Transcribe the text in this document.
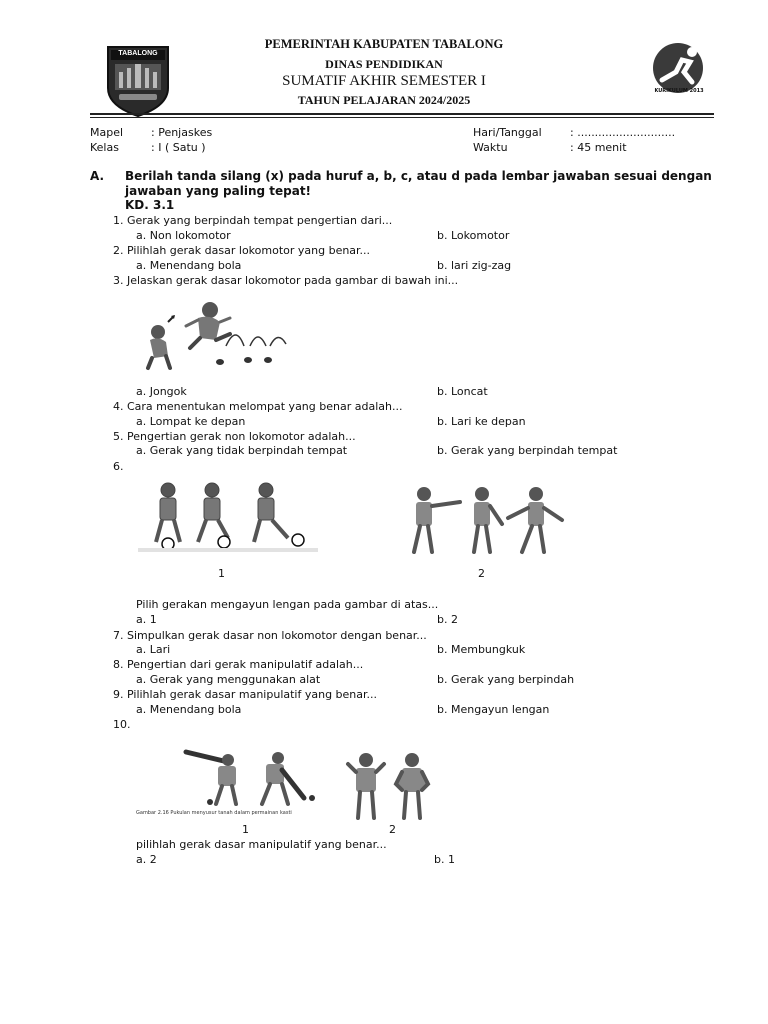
TABALONG
PEMERINTAH KABUPATEN TABALONG
DINAS PENDIDIKAN
SUMATIF AKHIR SEMESTER I
TAHUN PELAJARAN 2024/2025
KURIKULUM 2013
Mapel	: Penjaskes
Kelas	: I ( Satu )
Hari/Tanggal	: ............................
Waktu	: 45 menit
A. Berilah tanda silang (x) pada huruf a, b, c, atau d pada lembar jawaban sesuai dengan
jawaban yang paling tepat!
KD. 3.1
1. Gerak yang berpindah tempat pengertian dari...
a. Non lokomotor	b. Lokomotor
2. Pilihlah gerak dasar lokomotor yang benar...
a. Menendang bola	b. lari zig-zag
3. Jelaskan gerak dasar lokomotor pada gambar di bawah ini...
a. Jongok	b. Loncat
4. Cara menentukan melompat yang benar adalah...
a. Lompat ke depan	b. Lari ke depan
5. Pengertian gerak non lokomotor adalah...
a. Gerak yang tidak berpindah tempat	b. Gerak yang berpindah tempat
6.
1	2
Pilih gerakan mengayun lengan pada gambar di atas...
a. 1	b. 2
7. Simpulkan gerak dasar non lokomotor dengan benar...
a. Lari	b. Membungkuk
8. Pengertian dari gerak manipulatif adalah...
a. Gerak yang menggunakan alat	b. Gerak yang berpindah
9. Pilihlah gerak dasar manipulatif yang benar...
a. Menendang bola	b. Mengayun lengan
10.
Gambar 2.16 Pukulan menyusur tanah dalam permainan kasti
1	2
pilihlah gerak dasar manipulatif yang benar...
a. 2	b. 1
